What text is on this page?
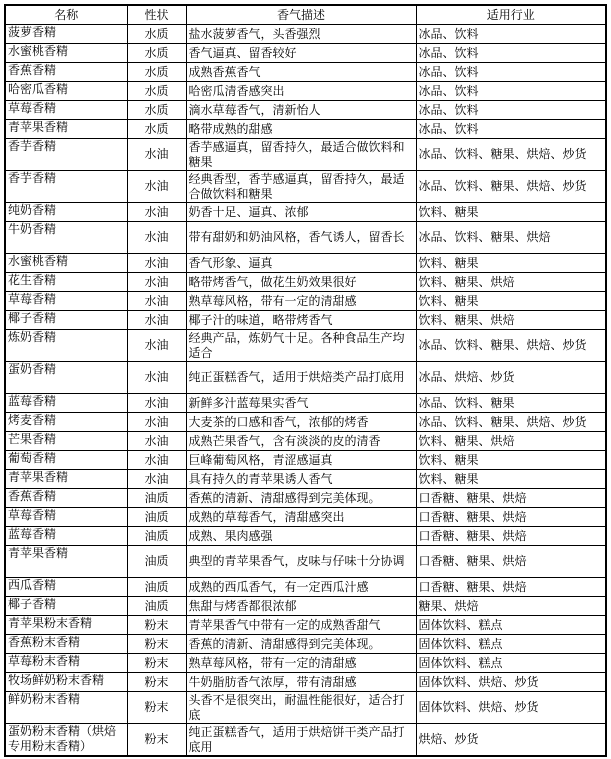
名称	性状	香气描述	适用行业
菠萝香精	水质	盐水菠萝香气，头香强烈	冰品、饮料
水蜜桃香精	水质	香气逼真、留香较好	冰品、饮料
香蕉香精	水质	成熟香蕉香气	冰品、饮料
哈密瓜香精	水质	哈密瓜清香感突出	冰品、饮料
草莓香精	水质	滴水草莓香气，清新怡人	冰品、饮料
青苹果香精	水质	略带成熟的甜感	冰品、饮料
香芋香精	水油	香芋感逼真，留香持久，最适合做饮料和糖果	冰品、饮料、糖果、烘焙、炒货
香芋香精	水油	经典香型，香芋感逼真，留香持久，最适合做饮料和糖果	冰品、饮料、糖果、烘焙、炒货
纯奶香精	水油	奶香十足、逼真、浓郁	饮料、糖果
牛奶香精	水油	带有甜奶和奶油风格，香气诱人，留香长	冰品、饮料、糖果、烘焙
水蜜桃香精	水油	香气形象、逼真	饮料、糖果
花生香精	水油	略带烤香气，做花生奶效果很好	饮料、糖果、烘焙
草莓香精	水油	熟草莓风格，带有一定的清甜感	饮料、糖果
椰子香精	水油	椰子汁的味道，略带烤香气	饮料、糖果、烘焙
炼奶香精	水油	经典产品，炼奶气十足。各种食品生产均适合	冰品、饮料、糖果、烘焙、炒货
蛋奶香精	水油	纯正蛋糕香气，适用于烘焙类产品打底用	冰品、烘焙、炒货
蓝莓香精	水油	新鲜多汁蓝莓果实香气	冰品、饮料、糖果
烤麦香精	水油	大麦茶的口感和香气，浓郁的烤香	冰品、饮料、糖果、烘焙、炒货
芒果香精	水油	成熟芒果香气，含有淡淡的皮的清香	饮料、糖果、烘焙
葡萄香精	水油	巨峰葡萄风格，青涩感逼真	饮料、糖果
青苹果香精	水油	具有持久的青苹果诱人香气	饮料、糖果
香蕉香精	油质	香蕉的清新、清甜感得到完美体现。	口香糖、糖果、烘焙
草莓香精	油质	成熟的草莓香气，清甜感突出	口香糖、糖果、烘焙
蓝莓香精	油质	成熟、果肉感强	口香糖、糖果、烘焙
青苹果香精	油质	典型的青苹果香气，皮味与仔味十分协调	口香糖、糖果、烘焙
西瓜香精	油质	成熟的西瓜香气，有一定西瓜汁感	口香糖、糖果、烘焙
椰子香精	油质	焦甜与烤香都很浓郁	糖果、烘焙
青苹果粉末香精	粉末	青苹果香气中带有一定的成熟香甜气	固体饮料、糕点
香蕉粉末香精	粉末	香蕉的清新、清甜感得到完美体现。	固体饮料、糕点
草莓粉末香精	粉末	熟草莓风格，带有一定的清甜感	固体饮料、糕点
牧场鲜奶粉末香精	粉末	牛奶脂肪香气浓厚，带有清甜感	固体饮料、烘焙、炒货
鲜奶粉末香精	粉末	头香不是很突出，耐温性能很好，适合打底	固体饮料、烘焙、炒货
蛋奶粉末香精（烘焙专用粉末香精）	粉末	纯正蛋糕香气，适用于烘焙饼干类产品打底用	烘焙、炒货
